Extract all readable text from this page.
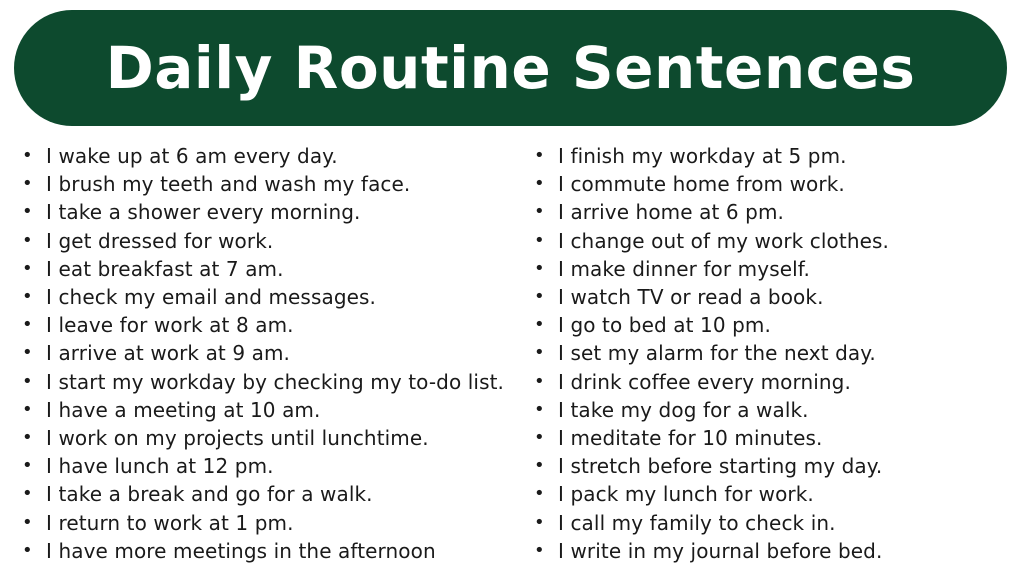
Daily Routine Sentences
• I wake up at 6 am every day.
• I brush my teeth and wash my face.
• I take a shower every morning.
• I get dressed for work.
• I eat breakfast at 7 am.
• I check my email and messages.
• I leave for work at 8 am.
• I arrive at work at 9 am.
• I start my workday by checking my to-do list.
• I have a meeting at 10 am.
• I work on my projects until lunchtime.
• I have lunch at 12 pm.
• I take a break and go for a walk.
• I return to work at 1 pm.
• I have more meetings in the afternoon
• I finish my workday at 5 pm.
• I commute home from work.
• I arrive home at 6 pm.
• I change out of my work clothes.
• I make dinner for myself.
• I watch TV or read a book.
• I go to bed at 10 pm.
• I set my alarm for the next day.
• I drink coffee every morning.
• I take my dog for a walk.
• I meditate for 10 minutes.
• I stretch before starting my day.
• I pack my lunch for work.
• I call my family to check in.
• I write in my journal before bed.
